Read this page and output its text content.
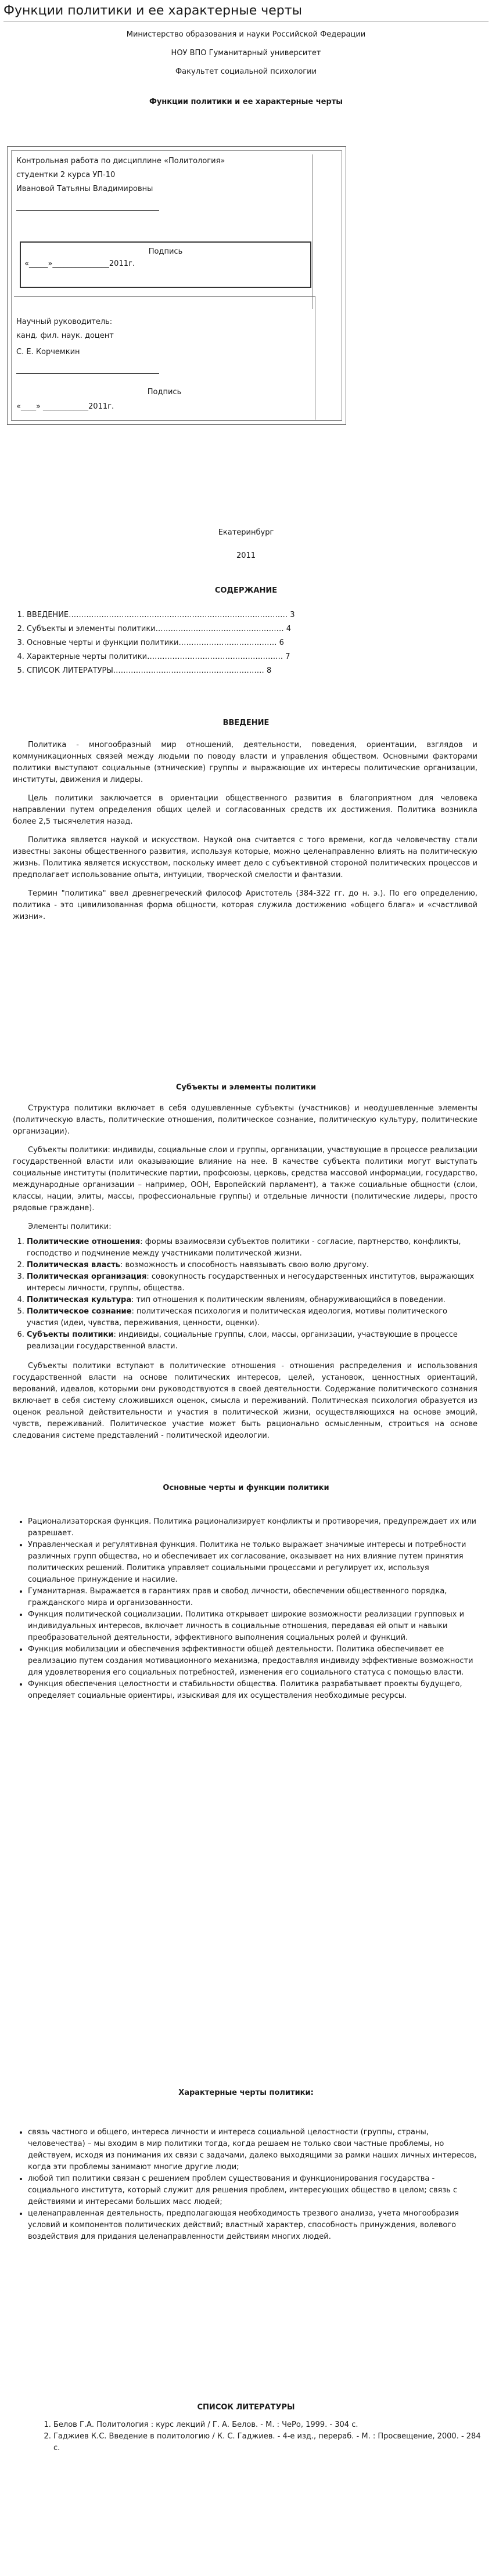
Функции политики и ее характерные черты

Министерство образования и науки Российской Федерации

НОУ ВПО Гуманитарный университет

Факультет социальной психологии

Функции политики и ее характерные черты

Контрольная работа по дисциплине «Политология»

студентки 2 курса УП-10

Ивановой Татьяны Владимировны

Подпись
«_____»_______________2011г.

Научный руководитель:

канд. фил. наук. доцент

С. Е. Корчемкин

Подпись
«____» ____________2011г.
Екатеринбург
2011

СОДЕРЖАНИЕ

1. ВВЕДЕНИЕ…………………………………………………………………………… 3
2. Субъекты и элементы политики…………………………………………… 4
3. Основные черты и функции политики………………………………… 6
4. Характерные черты политики……………………………………………… 7
5. СПИСОК ЛИТЕРАТУРЫ…………………………………………………… 8

ВВЕДЕНИЕ

Политика - многообразный мир отношений, деятельности, поведения, ориентации, взглядов и коммуникационных связей между людьми по поводу власти и управления обществом. Основными факторами политики выступают социальные (этнические) группы и выражающие их интересы политические организации, институты, движения и лидеры.

Цель политики заключается в ориентации общественного развития в благоприятном для человека направлении путем определения общих целей и согласованных средств их достижения. Политика возникла более 2,5 тысячелетия назад.

Политика является наукой и искусством. Наукой она считается с того времени, когда человечеству стали известны законы общественного развития, используя которые, можно целенаправленно влиять на политическую жизнь. Политика является искусством, поскольку имеет дело с субъективной стороной политических процессов и предполагает использование опыта, интуиции, творческой смелости и фантазии.

Термин "политика" ввел древнегреческий философ Аристотель (384-322 гг. до н. э.). По его определению, политика - это цивилизованная форма общности, которая служила достижению «общего блага» и «счастливой жизни».

Субъекты и элементы политики

Структура политики включает в себя одушевленные субъекты (участников) и неодушевленные элементы (политическую власть, политические отношения, политическое сознание, политическую культуру, политические организации).

Субъекты политики: индивиды, социальные слои и группы, организации, участвующие в процессе реализации государственной власти или оказывающие влияние на нее. В качестве субъекта политики могут выступать социальные институты (политические партии, профсоюзы, церковь, средства массовой информации, государство, международные организации – например, ООН, Европейский парламент), а также социальные общности (слои, классы, нации, элиты, массы, профессиональные группы) и отдельные личности (политические лидеры, просто рядовые граждане).

Элементы политики:

1. Политические отношения: формы взаимосвязи субъектов политики - согласие, партнерство, конфликты, господство и подчинение между участниками политической жизни.
2. Политическая власть: возможность и способность навязывать свою волю другому.
3. Политическая организация: совокупность государственных и негосударственных институтов, выражающих интересы личности, группы, общества.
4. Политическая культура: тип отношения к политическим явлениям, обнаруживающийся в поведении.
5. Политическое сознание: политическая психология и политическая идеология, мотивы политического участия (идеи, чувства, переживания, ценности, оценки).
6. Субъекты политики: индивиды, социальные группы, слои, массы, организации, участвующие в процессе реализации государственной власти.

Субъекты политики вступают в политические отношения - отношения распределения и использования государственной власти на основе политических интересов, целей, установок, ценностных ориентаций, верований, идеалов, которыми они руководствуются в своей деятельности. Содержание политического сознания включает в себя систему сложившихся оценок, смысла и переживаний. Политическая психология образуется из оценок реальной действительности и участия в политической жизни, осуществляющихся на основе эмоций, чувств, переживаний. Политическое участие может быть рационально осмысленным, строиться на основе следования системе представлений - политической идеологии.

Основные черты и функции политики

• Рационализаторская функция. Политика рационализирует конфликты и противоречия, предупреждает их или разрешает.
• Управленческая и регулятивная функция. Политика не только выражает значимые интересы и потребности различных групп общества, но и обеспечивает их согласование, оказывает на них влияние путем принятия политических решений. Политика управляет социальными процессами и регулирует их, используя социальное принуждение и насилие.
• Гуманитарная. Выражается в гарантиях прав и свобод личности, обеспечении общественного порядка, гражданского мира и организованности.
• Функция политической социализации. Политика открывает широкие возможности реализации групповых и индивидуальных интересов, включает личность в социальные отношения, передавая ей опыт и навыки преобразовательной деятельности, эффективного выполнения социальных ролей и функций.
• Функция мобилизации и обеспечения эффективности общей деятельности. Политика обеспечивает ее реализацию путем создания мотивационного механизма, предоставляя индивиду эффективные возможности для удовлетворения его социальных потребностей, изменения его социального статуса с помощью власти.
• Функция обеспечения целостности и стабильности общества. Политика разрабатывает проекты будущего, определяет социальные ориентиры, изыскивая для их осуществления необходимые ресурсы.

Характерные черты политики:

• связь частного и общего, интереса личности и интереса социальной целостности (группы, страны, человечества) – мы входим в мир политики тогда, когда решаем не только свои частные проблемы, но действуем, исходя из понимания их связи с задачами, далеко выходящими за рамки наших личных интересов, когда эти проблемы занимают многие другие люди;
• любой тип политики связан с решением проблем существования и функционирования государства - социального института, который служит для решения проблем, интересующих общество в целом; связь с действиями и интересами больших масс людей;
• целенаправленная деятельность, предполагающая необходимость трезвого анализа, учета многообразия условий и компонентов политических действий; властный характер, способность принуждения, волевого воздействия для придания целенаправленности действиям многих людей.

СПИСОК ЛИТЕРАТУРЫ

1. Белов Г.А. Политология : курс лекций / Г. А. Белов. - М. : ЧеРо, 1999. - 304 с.
2. Гаджиев К.С. Введение в политологию / К. С. Гаджиев. - 4-е изд., перераб. - М. : Просвещение, 2000. - 284 с.
